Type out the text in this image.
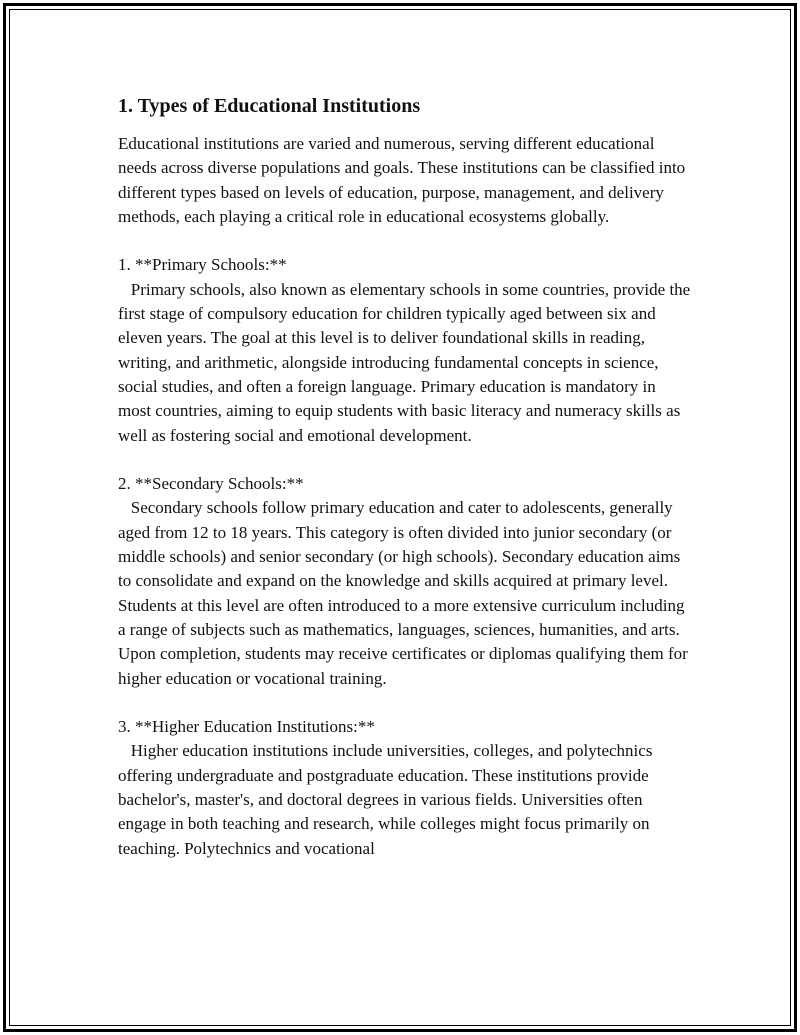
1. Types of Educational Institutions

Educational institutions are varied and numerous, serving different educational needs across diverse populations and goals. These institutions can be classified into different types based on levels of education, purpose, management, and delivery methods, each playing a critical role in educational ecosystems globally.

1. **Primary Schools:**

Primary schools, also known as elementary schools in some countries, provide the first stage of compulsory education for children typically aged between six and eleven years. The goal at this level is to deliver foundational skills in reading, writing, and arithmetic, alongside introducing fundamental concepts in science, social studies, and often a foreign language. Primary education is mandatory in most countries, aiming to equip students with basic literacy and numeracy skills as well as fostering social and emotional development.

2. **Secondary Schools:**

Secondary schools follow primary education and cater to adolescents, generally aged from 12 to 18 years. This category is often divided into junior secondary (or middle schools) and senior secondary (or high schools). Secondary education aims to consolidate and expand on the knowledge and skills acquired at primary level. Students at this level are often introduced to a more extensive curriculum including a range of subjects such as mathematics, languages, sciences, humanities, and arts. Upon completion, students may receive certificates or diplomas qualifying them for higher education or vocational training.

3. **Higher Education Institutions:**

Higher education institutions include universities, colleges, and polytechnics offering undergraduate and postgraduate education. These institutions provide bachelor's, master's, and doctoral degrees in various fields. Universities often engage in both teaching and research, while colleges might focus primarily on teaching. Polytechnics and vocational
